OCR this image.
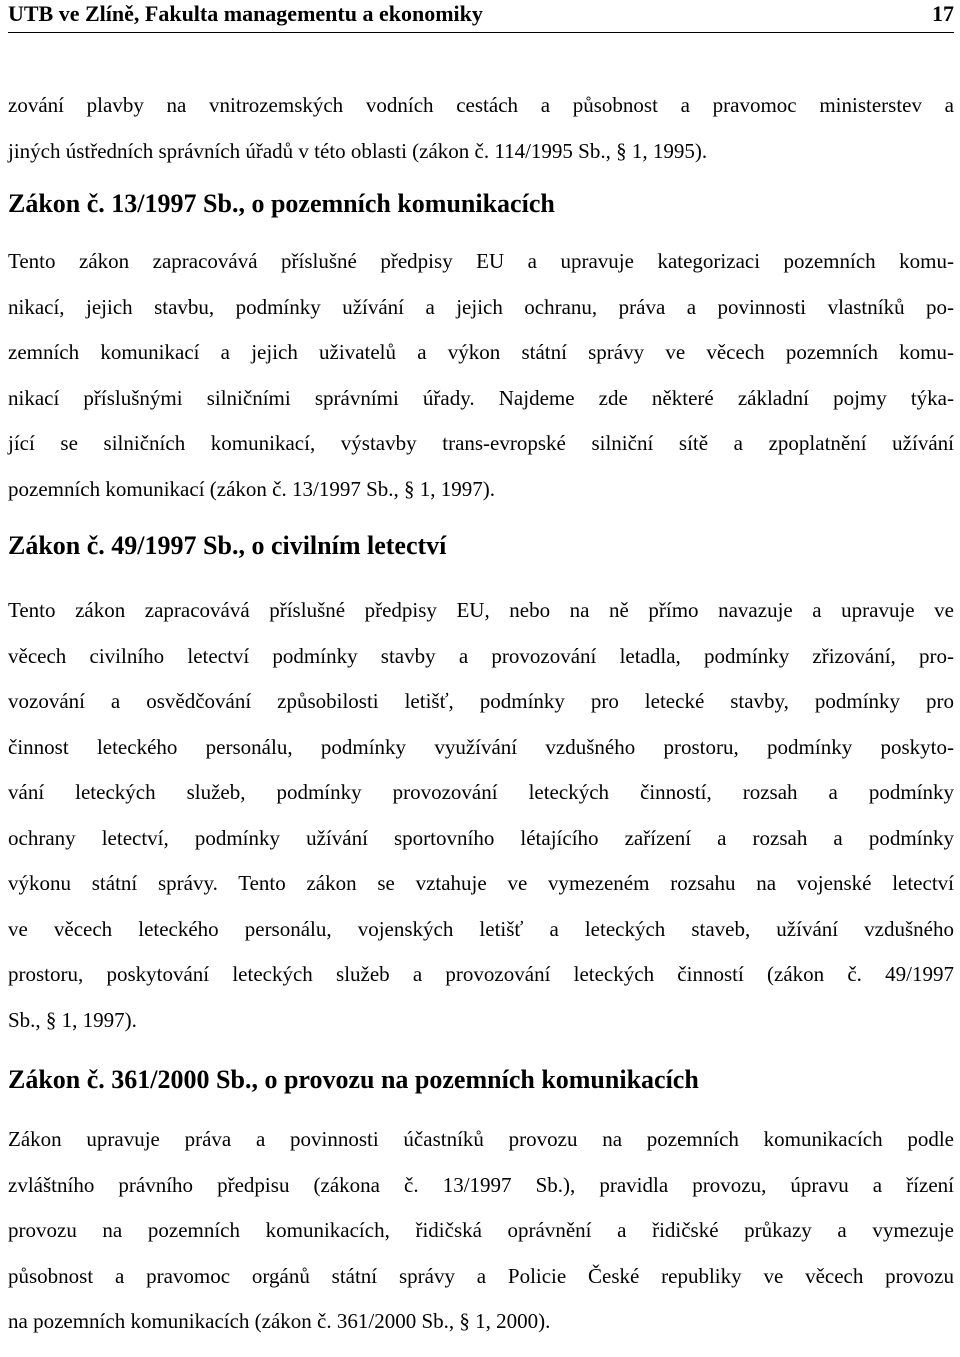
UTB ve Zlíně, Fakulta managementu a ekonomiky	17
zování plavby na vnitrozemských vodních cestách a působnost a pravomoc ministerstev a
jiných ústředních správních úřadů v této oblasti (zákon č. 114/1995 Sb., § 1, 1995).
Zákon č. 13/1997 Sb., o pozemních komunikacích
Tento zákon zapracovává příslušné předpisy EU a upravuje kategorizaci pozemních komu-
nikací, jejich stavbu, podmínky užívání a jejich ochranu, práva a povinnosti vlastníků po-
zemních komunikací a jejich uživatelů a výkon státní správy ve věcech pozemních komu-
nikací příslušnými silničními správními úřady. Najdeme zde některé základní pojmy týka-
jící se silničních komunikací, výstavby trans-evropské silniční sítě a zpoplatnění užívání
pozemních komunikací (zákon č. 13/1997 Sb., § 1, 1997).
Zákon č. 49/1997 Sb., o civilním letectví
Tento zákon zapracovává příslušné předpisy EU, nebo na ně přímo navazuje a upravuje ve
věcech civilního letectví podmínky stavby a provozování letadla, podmínky zřizování, pro-
vozování a osvědčování způsobilosti letišť, podmínky pro letecké stavby, podmínky pro
činnost leteckého personálu, podmínky využívání vzdušného prostoru, podmínky poskyto-
vání leteckých služeb, podmínky provozování leteckých činností, rozsah a podmínky
ochrany letectví, podmínky užívání sportovního létajícího zařízení a rozsah a podmínky
výkonu státní správy. Tento zákon se vztahuje ve vymezeném rozsahu na vojenské letectví
ve věcech leteckého personálu, vojenských letišť a leteckých staveb, užívání vzdušného
prostoru, poskytování leteckých služeb a provozování leteckých činností (zákon č. 49/1997
Sb., § 1, 1997).
Zákon č. 361/2000 Sb., o provozu na pozemních komunikacích
Zákon upravuje práva a povinnosti účastníků provozu na pozemních komunikacích podle
zvláštního právního předpisu (zákona č. 13/1997 Sb.), pravidla provozu, úpravu a řízení
provozu na pozemních komunikacích, řidičská oprávnění a řidičské průkazy a vymezuje
působnost a pravomoc orgánů státní správy a Policie České republiky ve věcech provozu
na pozemních komunikacích (zákon č. 361/2000 Sb., § 1, 2000).
